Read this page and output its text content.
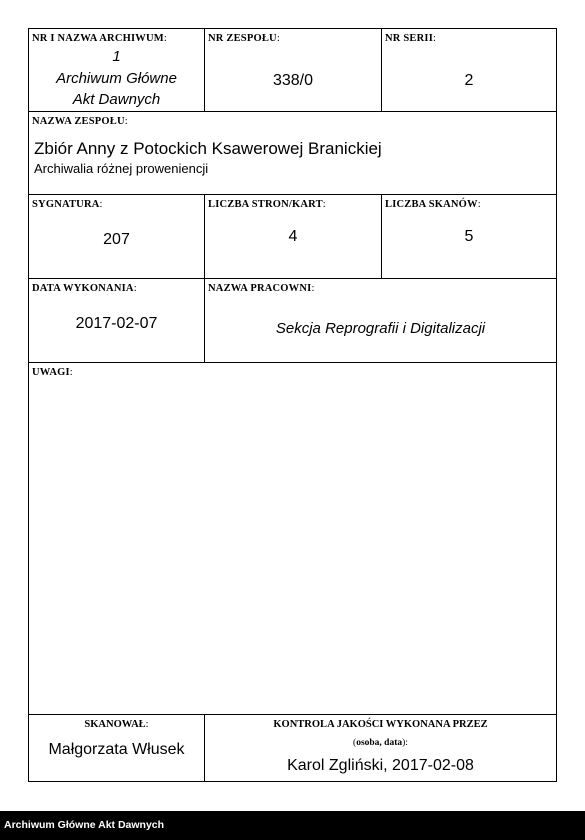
NR I NAZWA ARCHIWUM:
1
Archiwum Główne
Akt Dawnych
NR ZESPOŁU:
338/0
NR SERII:
2
NAZWA ZESPOŁU:
Zbiór Anny z Potockich Ksawerowej Branickiej
Archiwalia różnej proweniencji
SYGNATURA:
207
LICZBA STRON/KART:
4
LICZBA SKANÓW:
5
DATA WYKONANIA:
2017-02-07
NAZWA PRACOWNI:
Sekcja Reprografii i Digitalizacji
UWAGI:
SKANOWAŁ:
Małgorzata Włusek
KONTROLA JAKOŚCI WYKONANA PRZEZ
(osoba, data):
Karol Zgliński, 2017-02-08
Archiwum Główne Akt Dawnych
